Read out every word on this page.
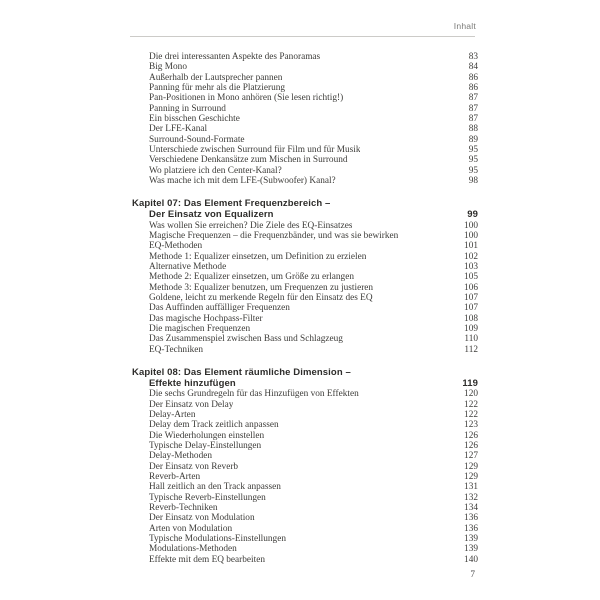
Inhalt
Die drei interessanten Aspekte des Panoramas	83
Big Mono	84
Außerhalb der Lautsprecher pannen	86
Panning für mehr als die Platzierung	86
Pan-Positionen in Mono anhören (Sie lesen richtig!)	87
Panning in Surround	87
Ein bisschen Geschichte	87
Der LFE-Kanal	88
Surround-Sound-Formate	89
Unterschiede zwischen Surround für Film und für Musik	95
Verschiedene Denkansätze zum Mischen in Surround	95
Wo platziere ich den Center-Kanal?	95
Was mache ich mit dem LFE-(Subwoofer) Kanal?	98
Kapitel 07: Das Element Frequenzbereich –
Der Einsatz von Equalizern	99
Was wollen Sie erreichen? Die Ziele des EQ-Einsatzes	100
Magische Frequenzen – die Frequenzbänder, und was sie bewirken	100
EQ-Methoden	101
Methode 1: Equalizer einsetzen, um Definition zu erzielen	102
Alternative Methode	103
Methode 2: Equalizer einsetzen, um Größe zu erlangen	105
Methode 3: Equalizer benutzen, um Frequenzen zu justieren	106
Goldene, leicht zu merkende Regeln für den Einsatz des EQ	107
Das Auffinden auffälliger Frequenzen	107
Das magische Hochpass-Filter	108
Die magischen Frequenzen	109
Das Zusammenspiel zwischen Bass und Schlagzeug	110
EQ-Techniken	112
Kapitel 08: Das Element räumliche Dimension –
Effekte hinzufügen	119
Die sechs Grundregeln für das Hinzufügen von Effekten	120
Der Einsatz von Delay	122
Delay-Arten	122
Delay dem Track zeitlich anpassen	123
Die Wiederholungen einstellen	126
Typische Delay-Einstellungen	126
Delay-Methoden	127
Der Einsatz von Reverb	129
Reverb-Arten	129
Hall zeitlich an den Track anpassen	131
Typische Reverb-Einstellungen	132
Reverb-Techniken	134
Der Einsatz von Modulation	136
Arten von Modulation	136
Typische Modulations-Einstellungen	139
Modulations-Methoden	139
Effekte mit dem EQ bearbeiten	140
7
